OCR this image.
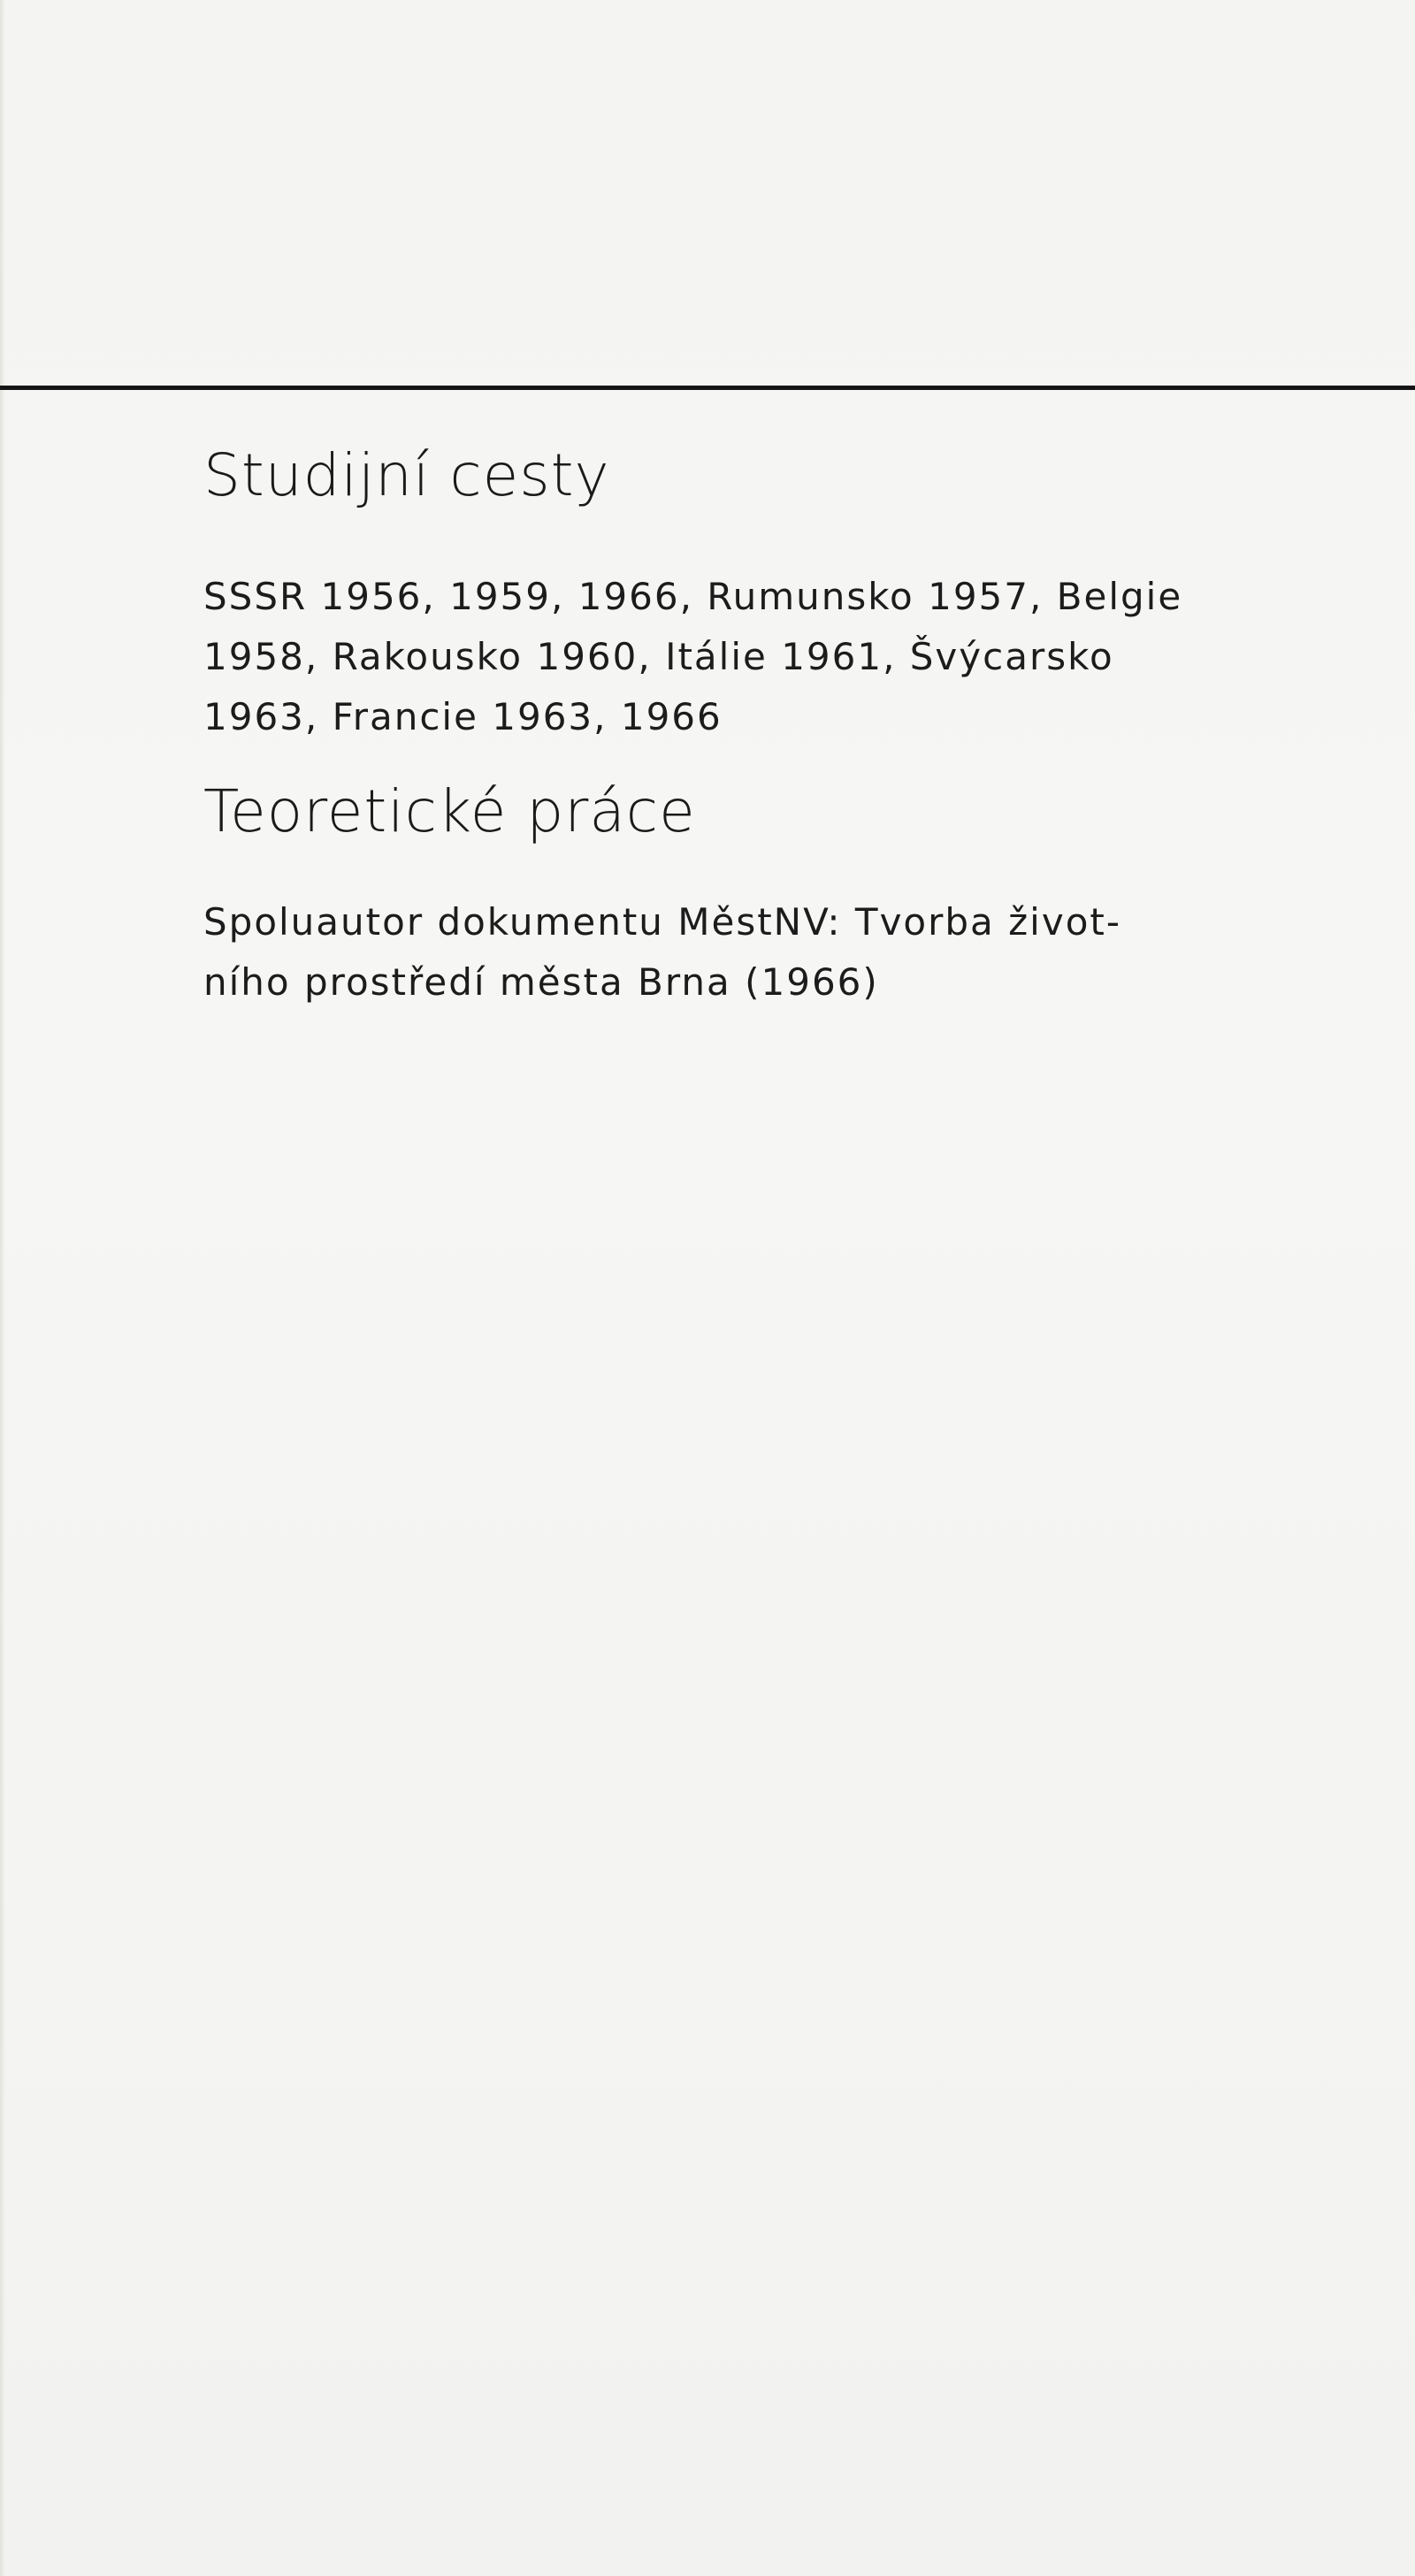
Studijní cesty

SSSR 1956, 1959, 1966, Rumunsko 1957, Belgie
1958, Rakousko 1960, Itálie 1961, Švýcarsko
1963, Francie 1963, 1966

Teoretické práce

Spoluautor dokumentu MěstNV: Tvorba život-
ního prostředí města Brna (1966)
